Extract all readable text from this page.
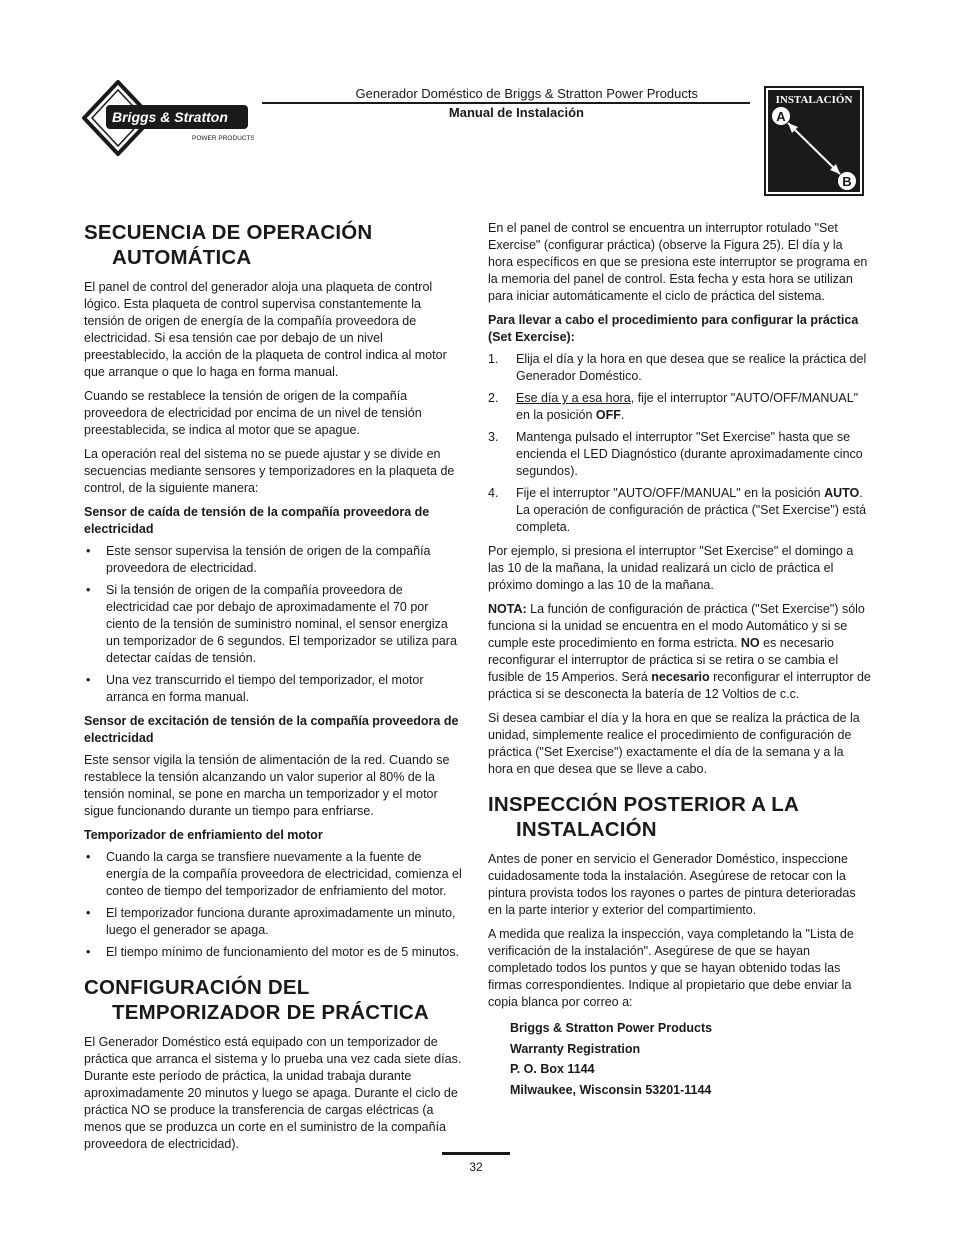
Briggs & Stratton
POWER PRODUCTS
Generador Doméstico de Briggs & Stratton Power Products
Manual de Instalación
INSTALACIÓN
A
B
SECUENCIA DE OPERACIÓN AUTOMÁTICA

El panel de control del generador aloja una plaqueta de control lógico. Esta plaqueta de control supervisa constantemente la tensión de origen de energía de la compañía proveedora de electricidad. Si esa tensión cae por debajo de un nivel preestablecido, la acción de la plaqueta de control indica al motor que arranque o que lo haga en forma manual.

Cuando se restablece la tensión de origen de la compañía proveedora de electricidad por encima de un nivel de tensión preestablecida, se indica al motor que se apague.

La operación real del sistema no se puede ajustar y se divide en secuencias mediante sensores y temporizadores en la plaqueta de control, de la siguiente manera:

Sensor de caída de tensión de la compañía proveedora de electricidad

• Este sensor supervisa la tensión de origen de la compañía proveedora de electricidad.
• Si la tensión de origen de la compañía proveedora de electricidad cae por debajo de aproximadamente el 70 por ciento de la tensión de suministro nominal, el sensor energiza un temporizador de 6 segundos. El temporizador se utiliza para detectar caídas de tensión.
• Una vez transcurrido el tiempo del temporizador, el motor arranca en forma manual.

Sensor de excitación de tensión de la compañía proveedora de electricidad

Este sensor vigila la tensión de alimentación de la red. Cuando se restablece la tensión alcanzando un valor superior al 80% de la tensión nominal, se pone en marcha un temporizador y el motor sigue funcionando durante un tiempo para enfriarse.

Temporizador de enfriamiento del motor

• Cuando la carga se transfiere nuevamente a la fuente de energía de la compañía proveedora de electricidad, comienza el conteo de tiempo del temporizador de enfriamiento del motor.
• El temporizador funciona durante aproximadamente un minuto, luego el generador se apaga.
• El tiempo mínimo de funcionamiento del motor es de 5 minutos.
CONFIGURACIÓN DEL TEMPORIZADOR DE PRÁCTICA

El Generador Doméstico está equipado con un temporizador de práctica que arranca el sistema y lo prueba una vez cada siete días. Durante este período de práctica, la unidad trabaja durante aproximadamente 20 minutos y luego se apaga. Durante el ciclo de práctica NO se produce la transferencia de cargas eléctricas (a menos que se produzca un corte en el suministro de la compañía proveedora de electricidad).

En el panel de control se encuentra un interruptor rotulado "Set Exercise" (configurar práctica) (observe la Figura 25). El día y la hora específicos en que se presiona este interruptor se programa en la memoria del panel de control. Esta fecha y esta hora se utilizan para iniciar automáticamente el ciclo de práctica del sistema.

Para llevar a cabo el procedimiento para configurar la práctica (Set Exercise):

1. Elija el día y la hora en que desea que se realice la práctica del Generador Doméstico.
2. Ese día y a esa hora, fije el interruptor "AUTO/OFF/MANUAL" en la posición OFF.
3. Mantenga pulsado el interruptor "Set Exercise" hasta que se encienda el LED Diagnóstico (durante aproximadamente cinco segundos).
4. Fije el interruptor "AUTO/OFF/MANUAL" en la posición AUTO. La operación de configuración de práctica ("Set Exercise") está completa.

Por ejemplo, si presiona el interruptor "Set Exercise" el domingo a las 10 de la mañana, la unidad realizará un ciclo de práctica el próximo domingo a las 10 de la mañana.

NOTA: La función de configuración de práctica ("Set Exercise") sólo funciona si la unidad se encuentra en el modo Automático y si se cumple este procedimiento en forma estricta. NO es necesario reconfigurar el interruptor de práctica si se retira o se cambia el fusible de 15 Amperios. Será necesario reconfigurar el interruptor de práctica si se desconecta la batería de 12 Voltios de c.c.

Si desea cambiar el día y la hora en que se realiza la práctica de la unidad, simplemente realice el procedimiento de configuración de práctica ("Set Exercise") exactamente el día de la semana y a la hora en que desea que se lleve a cabo.

INSPECCIÓN POSTERIOR A LA INSTALACIÓN

Antes de poner en servicio el Generador Doméstico, inspeccione cuidadosamente toda la instalación. Asegúrese de retocar con la pintura provista todos los rayones o partes de pintura deterioradas en la parte interior y exterior del compartimiento.

A medida que realiza la inspección, vaya completando la "Lista de verificación de la instalación". Asegúrese de que se hayan completado todos los puntos y que se hayan obtenido todas las firmas correspondientes. Indique al propietario que debe enviar la copia blanca por correo a:

Briggs & Stratton Power Products
Warranty Registration
P. O. Box 1144
Milwaukee, Wisconsin 53201-1144
32
